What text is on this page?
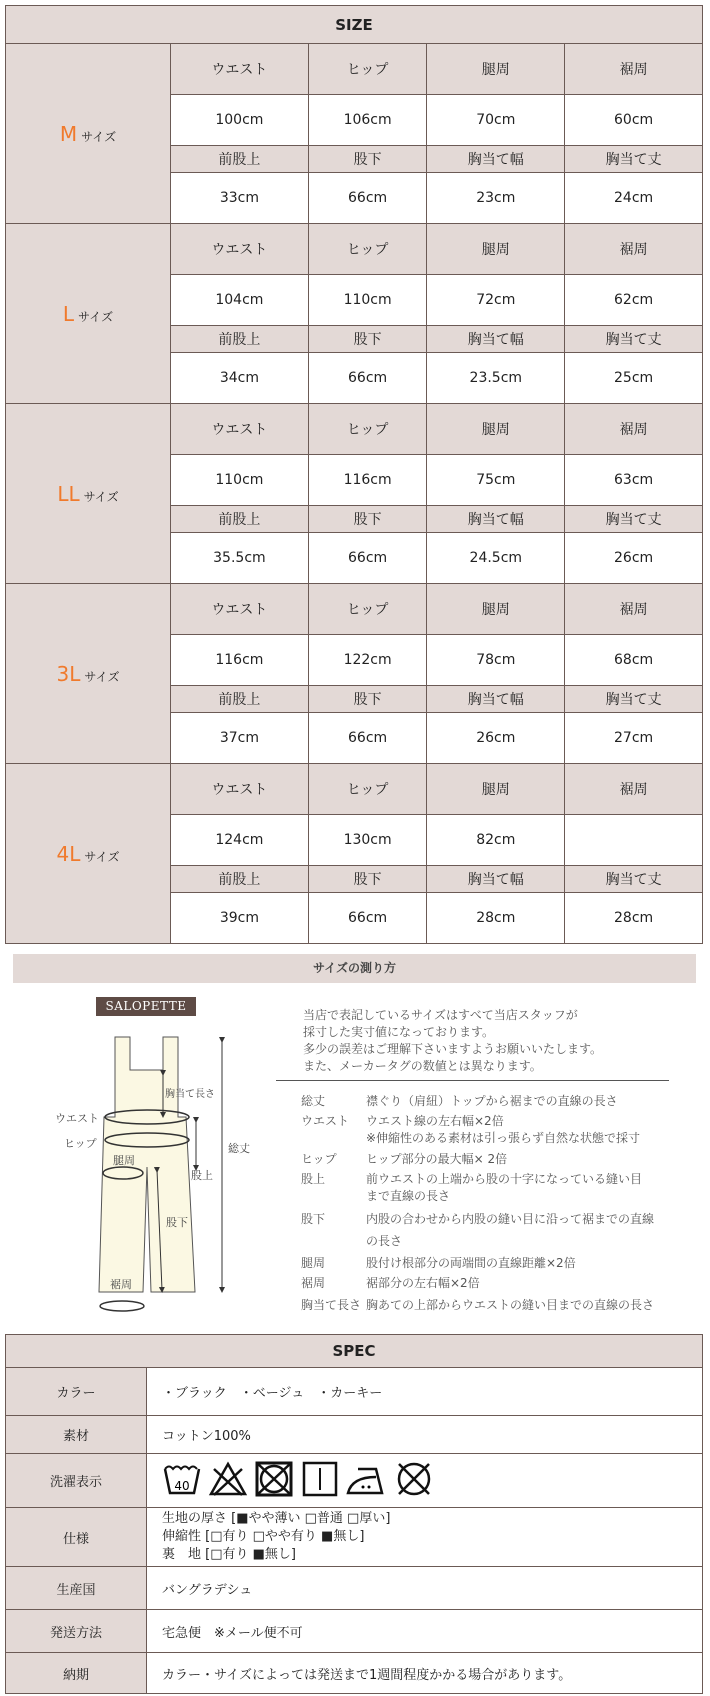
SIZE				
M サイズ	ウエスト	ヒップ	腿周	裾周
	100cm	106cm	70cm	60cm
	前股上	股下	胸当て幅	胸当て丈
	33cm	66cm	23cm	24cm
L サイズ	ウエスト	ヒップ	腿周	裾周
	104cm	110cm	72cm	62cm
	前股上	股下	胸当て幅	胸当て丈
	34cm	66cm	23.5cm	25cm
LL サイズ	ウエスト	ヒップ	腿周	裾周
	110cm	116cm	75cm	63cm
	前股上	股下	胸当て幅	胸当て丈
	35.5cm	66cm	24.5cm	26cm
3L サイズ	ウエスト	ヒップ	腿周	裾周
	116cm	122cm	78cm	68cm
	前股上	股下	胸当て幅	胸当て丈
	37cm	66cm	26cm	27cm
4L サイズ	ウエスト	ヒップ	腿周	裾周
	124cm	130cm	82cm	
	前股上	股下	胸当て幅	胸当て丈
	39cm	66cm	28cm	28cm
サイズの測り方
SALOPETTE
ウエスト
ヒップ
腿周
股上
胸当て長さ
総丈
股下
裾周
当店で表記しているサイズはすべて当店スタッフが
採寸した実寸値になっております。
多少の誤差はご理解下さいますようお願いいたします。
また、メーカータグの数値とは異なります。
総丈	襟ぐり（肩紐）トップから裾までの直線の長さ
ウエスト ウエスト線の左右幅×2倍
※伸縮性のある素材は引っ張らず自然な状態で採寸
ヒップ ヒップ部分の最大幅× 2倍
股上	前ウエストの上端から股の十字になっている縫い目
まで直線の長さ
股下	内股の合わせから内股の縫い目に沿って裾までの直線
の長さ
腿周	股付け根部分の両端間の直線距離×2倍
裾周	裾部分の左右幅×2倍
胸当て長さ 胸あての上部からウエストの縫い目までの直線の長さ
SPEC	
カラー	・ブラック　・ベージュ　・カーキー
素材	コットン100%
洗濯表示	40

仕様	生地の厚さ [■やや薄い □普通 □厚い]
伸縮性 [□有り □やや有り ■無し]
裏　地 [□有り ■無し]

生産国	バングラデシュ
発送方法	宅急便　※メール便不可
納期	カラー・サイズによっては発送まで1週間程度かかる場合があります。
